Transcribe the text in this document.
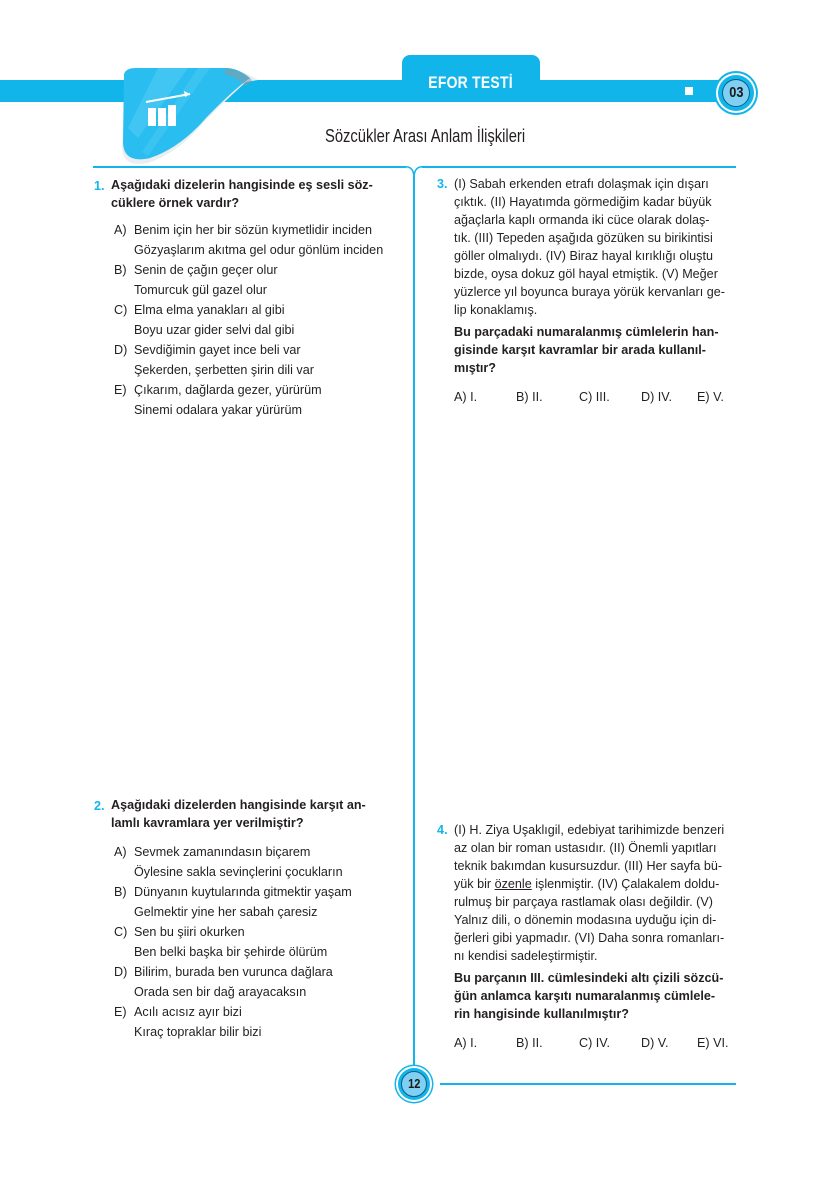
EFOR TESTİ
03
Sözcükler Arası Anlam İlişkileri
1. Aşağıdaki dizelerin hangisinde eş sesli söz-
cüklere örnek vardır?
A) Benim için her bir sözün kıymetlidir inciden
Gözyaşlarım akıtma gel odur gönlüm inciden
B) Senin de çağın geçer olur
Tomurcuk gül gazel olur
C) Elma elma yanakları al gibi
Boyu uzar gider selvi dal gibi
D) Sevdiğimin gayet ince beli var
Şekerden, şerbetten şirin dili var
E) Çıkarım, dağlarda gezer, yürürüm
Sinemi odalara yakar yürürüm
2. Aşağıdaki dizelerden hangisinde karşıt an-
lamlı kavramlara yer verilmiştir?
A) Sevmek zamanındasın biçarem
Öylesine sakla sevinçlerini çocukların
B) Dünyanın kuytularında gitmektir yaşam
Gelmektir yine her sabah çaresiz
C) Sen bu şiiri okurken
Ben belki başka bir şehirde ölürüm
D) Bilirim, burada ben vurunca dağlara
Orada sen bir dağ arayacaksın
E) Acılı acısız ayır bizi
Kıraç topraklar bilir bizi
3. (I) Sabah erkenden etrafı dolaşmak için dışarı
çıktık. (II) Hayatımda görmediğim kadar büyük
ağaçlarla kaplı ormanda iki cüce olarak dolaş-
tık. (III) Tepeden aşağıda gözüken su birikintisi
göller olmalıydı. (IV) Biraz hayal kırıklığı oluştu
bizde, oysa dokuz göl hayal etmiştik. (V) Meğer
yüzlerce yıl boyunca buraya yörük kervanları ge-
lip konaklamış.
Bu parçadaki numaralanmış cümlelerin han-
gisinde karşıt kavramlar bir arada kullanıl-
mıştır?
A) I.	B) II.	C) III.	D) IV.	E) V.
4. (I) H. Ziya Uşaklıgil, edebiyat tarihimizde benzeri
az olan bir roman ustasıdır. (II) Önemli yapıtları
teknik bakımdan kusursuzdur. (III) Her sayfa bü-
yük bir özenle işlenmiştir. (IV) Çalakalem doldu-
rulmuş bir parçaya rastlamak olası değildir. (V)
Yalnız dili, o dönemin modasına uyduğu için di-
ğerleri gibi yapmadır. (VI) Daha sonra romanları-
nı kendisi sadeleştirmiştir.
Bu parçanın III. cümlesindeki altı çizili sözcü-
ğün anlamca karşıtı numaralanmış cümlele-
rin hangisinde kullanılmıştır?
A) I.	B) II.	C) IV.	D) V.	E) VI.
12
